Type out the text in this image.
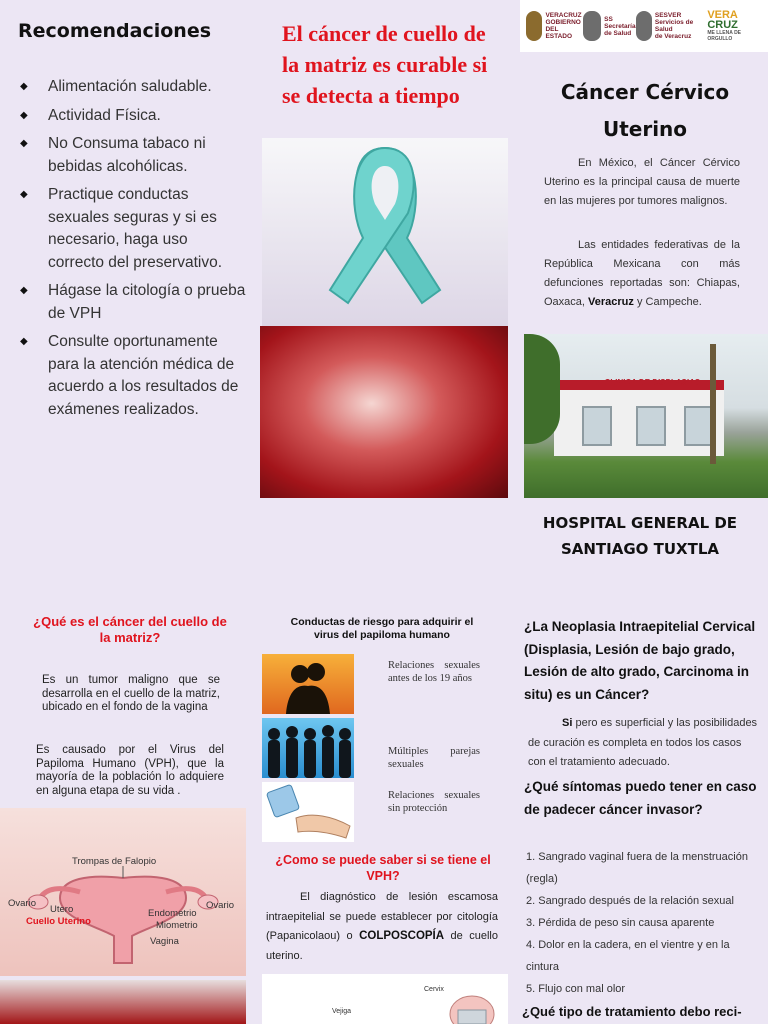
Recomendaciones
◆ Alimentación saludable.
◆ Actividad Física.
◆ No Consuma tabaco ni bebidas alcohólicas.
◆ Practique conductas sexuales seguras y si es necesario, haga uso correcto del preservativo.
◆ Hágase la citología o prueba de VPH
◆ Consulte oportunamente para la atención médica de acuerdo a los resultados de exámenes realizados.
El cáncer de cuello de la matriz es curable si se detecta a tiempo
VERACRUZ
GOBIERNO
DEL ESTADO
SS
Secretaría
de Salud
SESVER
Servicios de Salud
de Veracruz
VERA
CRUZ
ME LLENA DE ORGULLO
Cáncer Cérvico Uterino

En México, el Cáncer Cérvico Uterino es la principal causa de muerte en las mujeres por tumores malignos.

Las entidades federativas de la República Mexicana con más defunciones reportadas son: Chiapas, Oaxaca, Veracruz y Campeche.

CLINICA DE DISPLASIAS
HOSPITAL GENERAL DE SANTIAGO TUXTLA
¿Qué es el cáncer del cuello de la matriz?

Es un tumor maligno que se desarrolla en el cuello de la matriz, ubicado en el fondo de la vagina

Es causado por el Virus del Papiloma Humano (VPH), que la mayoría de la población lo adquiere en alguna etapa de su vida .

Trompas de Falopio
Ovario	Ovario
Utero
Cuello Uterino
Endometrio
Miometrio
Vagina
Conductas de riesgo para adquirir el virus del papiloma humano
Relaciones sexuales antes de los 19 años
Múltiples parejas sexuales
Relaciones sexuales sin protección
¿Como se puede saber si se tiene el VPH?

El diagnóstico de lesión escamosa intraepitelial se puede establecer por citología (Papanicolaou) o COLPOSCOPÍA de cuello uterino.

Cervix
Vejiga
¿La Neoplasia Intraepitelial Cervical (Displasia, Lesión de bajo grado, Lesión de alto grado, Carcinoma in situ) es un Cáncer?

Si pero es superficial y las posibilidades de curación es completa en todos los casos con el tratamiento adecuado.

¿Qué síntomas puedo tener en caso de padecer cáncer invasor?
1. Sangrado vaginal fuera de la menstruación (regla)
2. Sangrado después de la relación sexual
3. Pérdida de peso sin causa aparente
4. Dolor en la cadera, en el vientre y en la cintura
5. Flujo con mal olor
¿Qué tipo de tratamiento debo reci-
